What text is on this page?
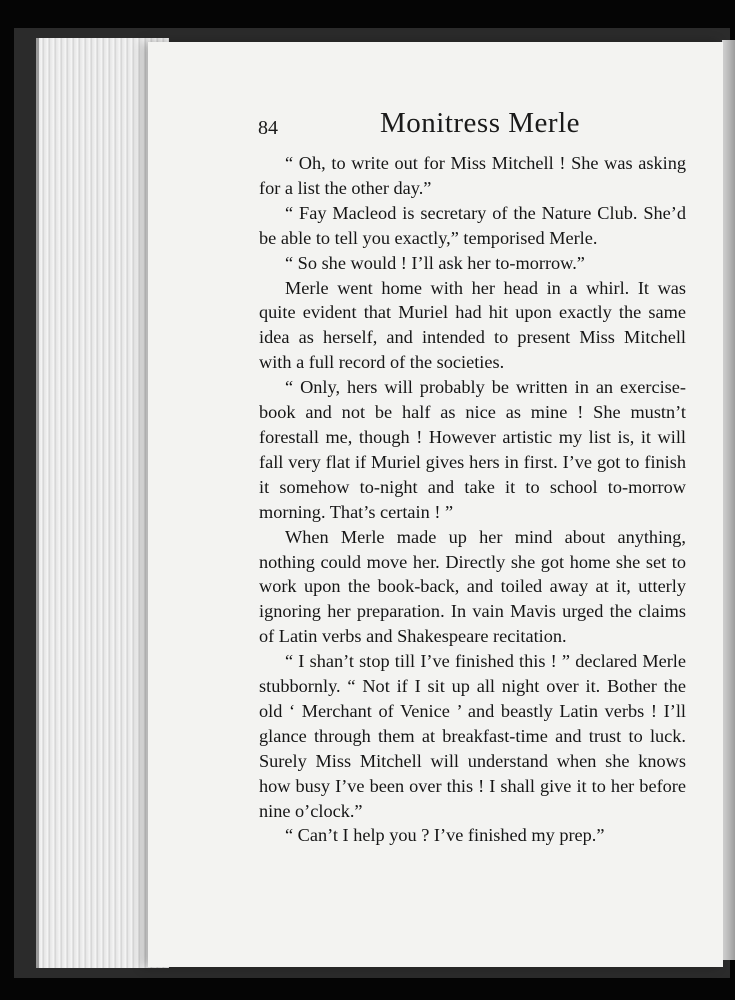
84	Monitress Merle

“ Oh, to write out for Miss Mitchell ! She was asking for a list the other day.”

“ Fay Macleod is secretary of the Nature Club. She’d be able to tell you exactly,” temporised Merle.

“ So she would ! I’ll ask her to-morrow.”

Merle went home with her head in a whirl. It was quite evident that Muriel had hit upon exactly the same idea as herself, and intended to present Miss Mitchell with a full record of the societies.

“ Only, hers will probably be written in an exercise-book and not be half as nice as mine ! She mustn’t forestall me, though ! However artistic my list is, it will fall very flat if Muriel gives hers in first. I’ve got to finish it somehow to-night and take it to school to-morrow morning. That’s certain ! ”

When Merle made up her mind about anything, nothing could move her. Directly she got home she set to work upon the book-back, and toiled away at it, utterly ignoring her preparation. In vain Mavis urged the claims of Latin verbs and Shakespeare recitation.

“ I shan’t stop till I’ve finished this ! ” declared Merle stubbornly. “ Not if I sit up all night over it. Bother the old ‘ Merchant of Venice ’ and beastly Latin verbs ! I’ll glance through them at breakfast-time and trust to luck. Surely Miss Mitchell will understand when she knows how busy I’ve been over this ! I shall give it to her before nine o’clock.”

“ Can’t I help you ? I’ve finished my prep.”
